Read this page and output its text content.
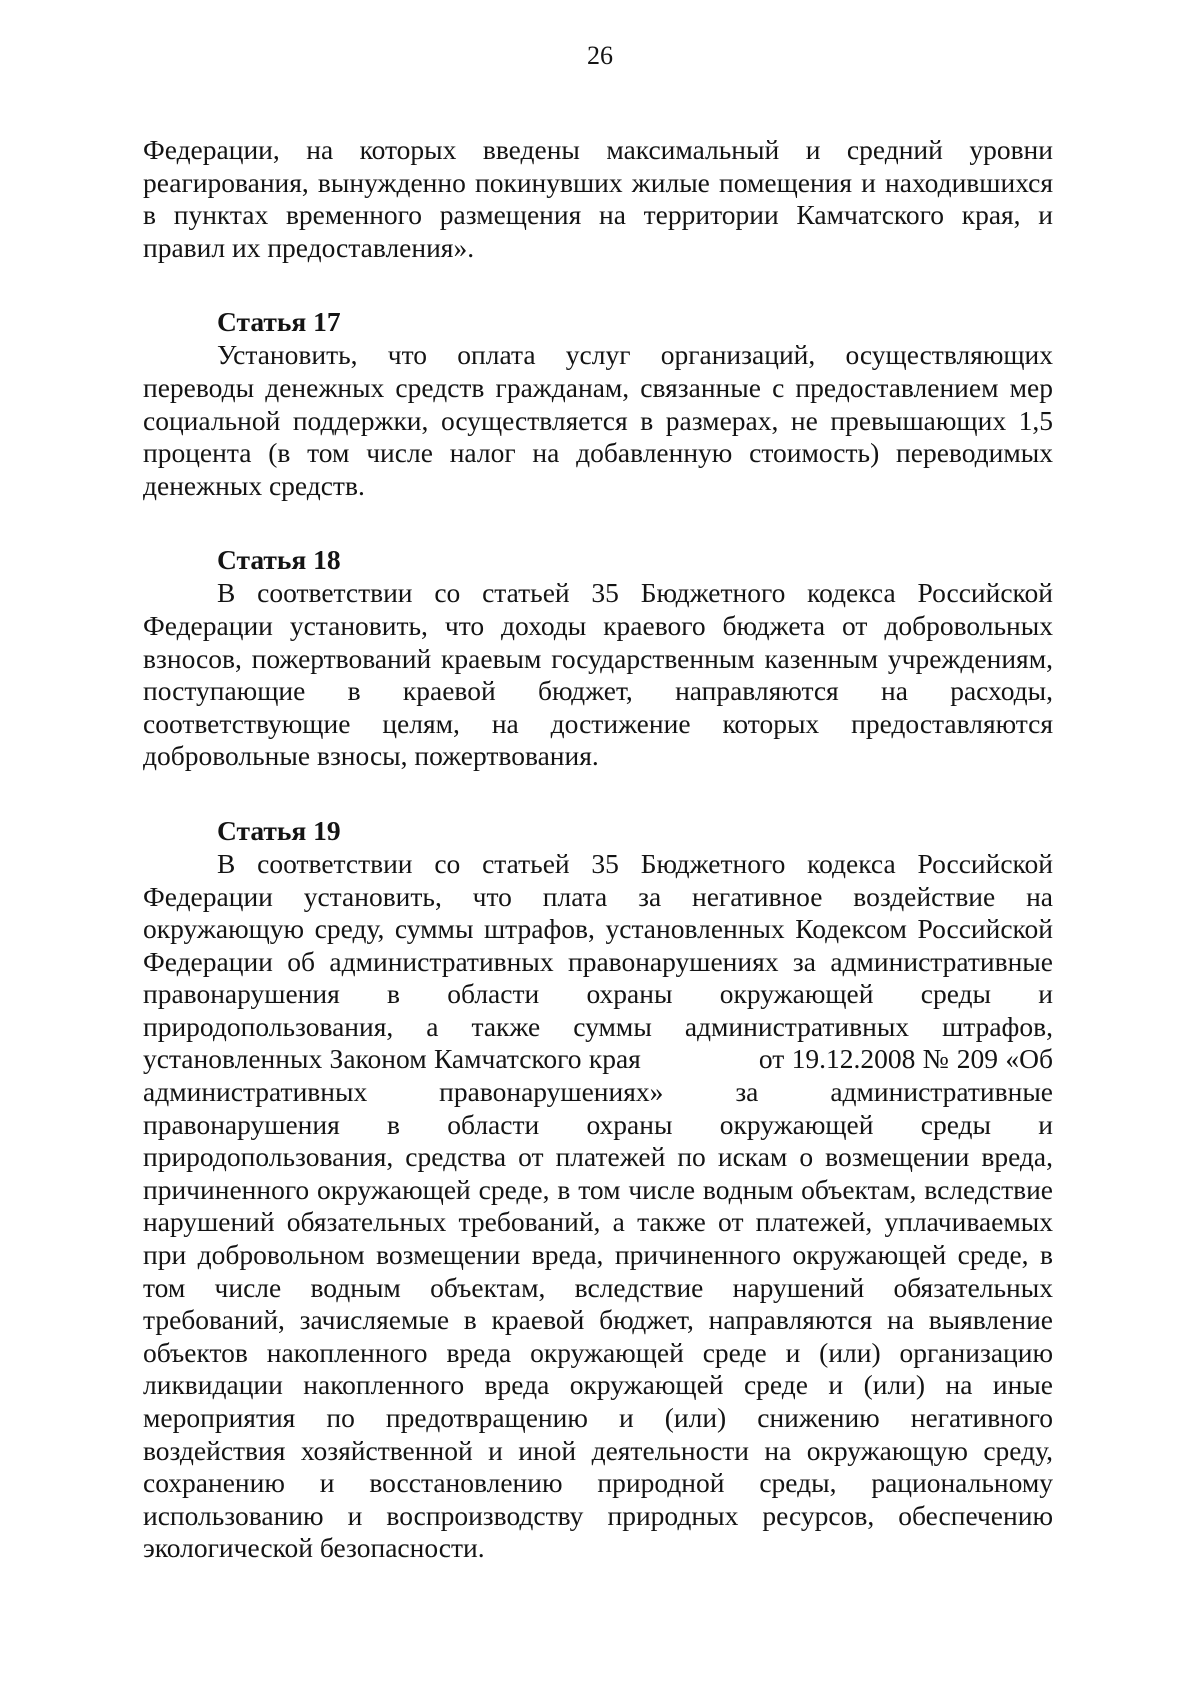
26

Федерации, на которых введены максимальный и средний уровни реагирования, вынужденно покинувших жилые помещения и находившихся в пунктах временного размещения на территории Камчатского края, и правил их предоставления».

Статья 17

Установить, что оплата услуг организаций, осуществляющих переводы денежных средств гражданам, связанные с предоставлением мер социальной поддержки, осуществляется в размерах, не превышающих 1,5 процента (в том числе налог на добавленную стоимость) переводимых денежных средств.

Статья 18

В соответствии со статьей 35 Бюджетного кодекса Российской Федерации установить, что доходы краевого бюджета от добровольных взносов, пожертвований краевым государственным казенным учреждениям, поступающие в краевой бюджет, направляются на расходы, соответствующие целям, на достижение которых предоставляются добровольные взносы, пожертвования.

Статья 19

В соответствии со статьей 35 Бюджетного кодекса Российской Федерации установить, что плата за негативное воздействие на окружающую среду, суммы штрафов, установленных Кодексом Российской Федерации об административных правонарушениях за административные правонарушения в области охраны окружающей среды и природопользования, а также суммы административных штрафов, установленных Законом Камчатского края	от 19.12.2008 № 209 «Об административных правонарушениях» за административные правонарушения в области охраны окружающей среды и природопользования, средства от платежей по искам о возмещении вреда, причиненного окружающей среде, в том числе водным объектам, вследствие нарушений обязательных требований, а также от платежей, уплачиваемых при добровольном возмещении вреда, причиненного окружающей среде, в том числе водным объектам, вследствие нарушений обязательных требований, зачисляемые в краевой бюджет, направляются на выявление объектов накопленного вреда окружающей среде и (или) организацию ликвидации накопленного вреда окружающей среде и (или) на иные мероприятия по предотвращению и (или) снижению негативного воздействия хозяйственной и иной деятельности на окружающую среду, сохранению и восстановлению природной среды, рациональному использованию и воспроизводству природных ресурсов, обеспечению экологической безопасности.
